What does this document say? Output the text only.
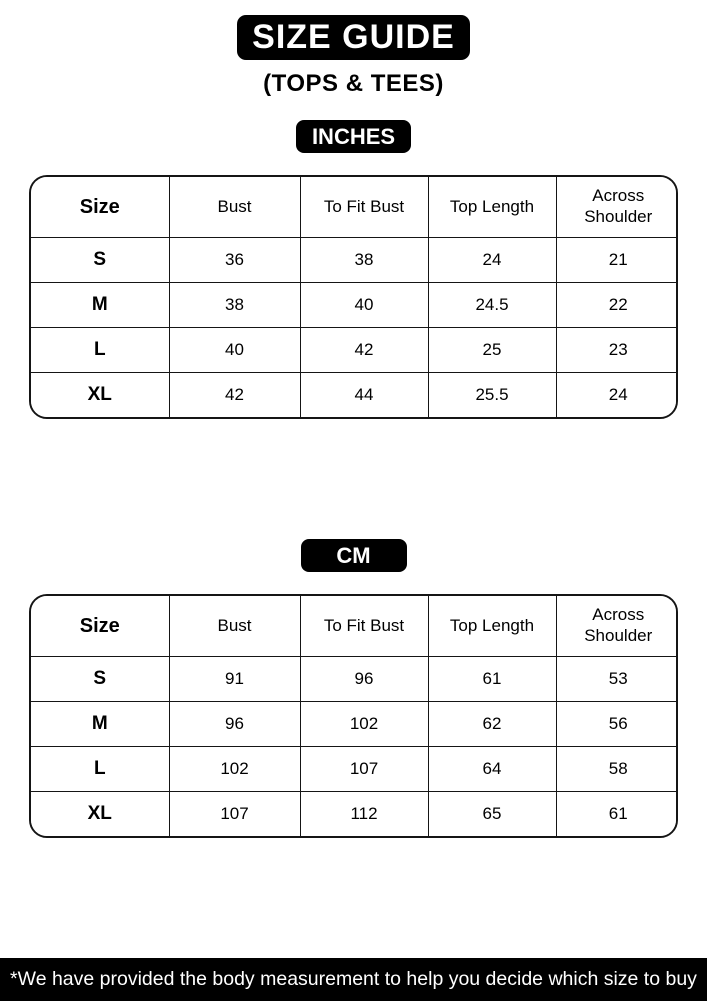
SIZE GUIDE
(TOPS & TEES)
INCHES
Size	Bust	To Fit Bust	Top Length	Across Shoulder
S	36	38	24	21
M	38	40	24.5	22
L	40	42	25	23
XL	42	44	25.5	24
CM
Size	Bust	To Fit Bust	Top Length	Across Shoulder
S	91	96	61	53
M	96	102	62	56
L	102	107	64	58
XL	107	112	65	61
*We have provided the body measurement to help you decide which size to buy
